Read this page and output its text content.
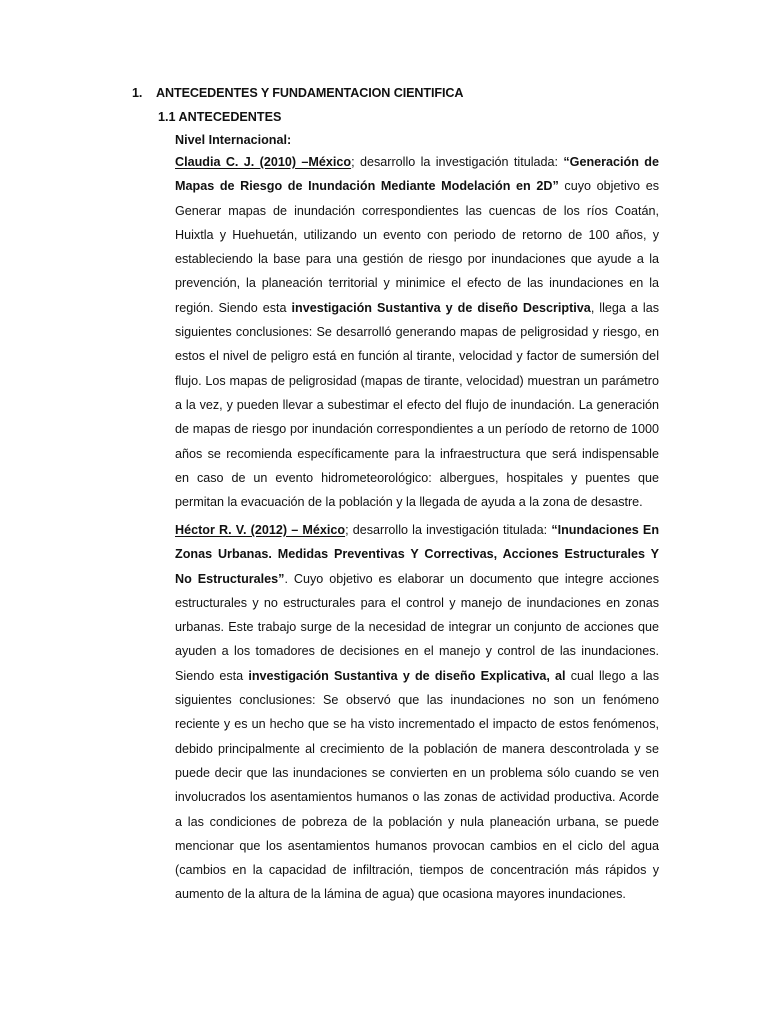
1. ANTECEDENTES Y FUNDAMENTACION CIENTIFICA
1.1 ANTECEDENTES
Nivel Internacional:

Claudia C. J. (2010) –México; desarrollo la investigación titulada: “Generación de Mapas de Riesgo de Inundación Mediante Modelación en 2D” cuyo objetivo es Generar mapas de inundación correspondientes las cuencas de los ríos Coatán, Huixtla y Huehuetán, utilizando un evento con periodo de retorno de 100 años, y estableciendo la base para una gestión de riesgo por inundaciones que ayude a la prevención, la planeación territorial y minimice el efecto de las inundaciones en la región. Siendo esta investigación Sustantiva y de diseño Descriptiva, llega a las siguientes conclusiones: Se desarrolló generando mapas de peligrosidad y riesgo, en estos el nivel de peligro está en función al tirante, velocidad y factor de sumersión del flujo. Los mapas de peligrosidad (mapas de tirante, velocidad) muestran un parámetro a la vez, y pueden llevar a subestimar el efecto del flujo de inundación. La generación de mapas de riesgo por inundación correspondientes a un período de retorno de 1000 años se recomienda específicamente para la infraestructura que será indispensable en caso de un evento hidrometeorológico: albergues, hospitales y puentes que permitan la evacuación de la población y la llegada de ayuda a la zona de desastre.

Héctor R. V. (2012) – México; desarrollo la investigación titulada: “Inundaciones En Zonas Urbanas. Medidas Preventivas Y Correctivas, Acciones Estructurales Y No Estructurales”. Cuyo objetivo es elaborar un documento que integre acciones estructurales y no estructurales para el control y manejo de inundaciones en zonas urbanas. Este trabajo surge de la necesidad de integrar un conjunto de acciones que ayuden a los tomadores de decisiones en el manejo y control de las inundaciones. Siendo esta investigación Sustantiva y de diseño Explicativa, al cual llego a las siguientes conclusiones: Se observó que las inundaciones no son un fenómeno reciente y es un hecho que se ha visto incrementado el impacto de estos fenómenos, debido principalmente al crecimiento de la población de manera descontrolada y se puede decir que las inundaciones se convierten en un problema sólo cuando se ven involucrados los asentamientos humanos o las zonas de actividad productiva. Acorde a las condiciones de pobreza de la población y nula planeación urbana, se puede mencionar que los asentamientos humanos provocan cambios en el ciclo del agua (cambios en la capacidad de infiltración, tiempos de concentración más rápidos y aumento de la altura de la lámina de agua) que ocasiona mayores inundaciones.
